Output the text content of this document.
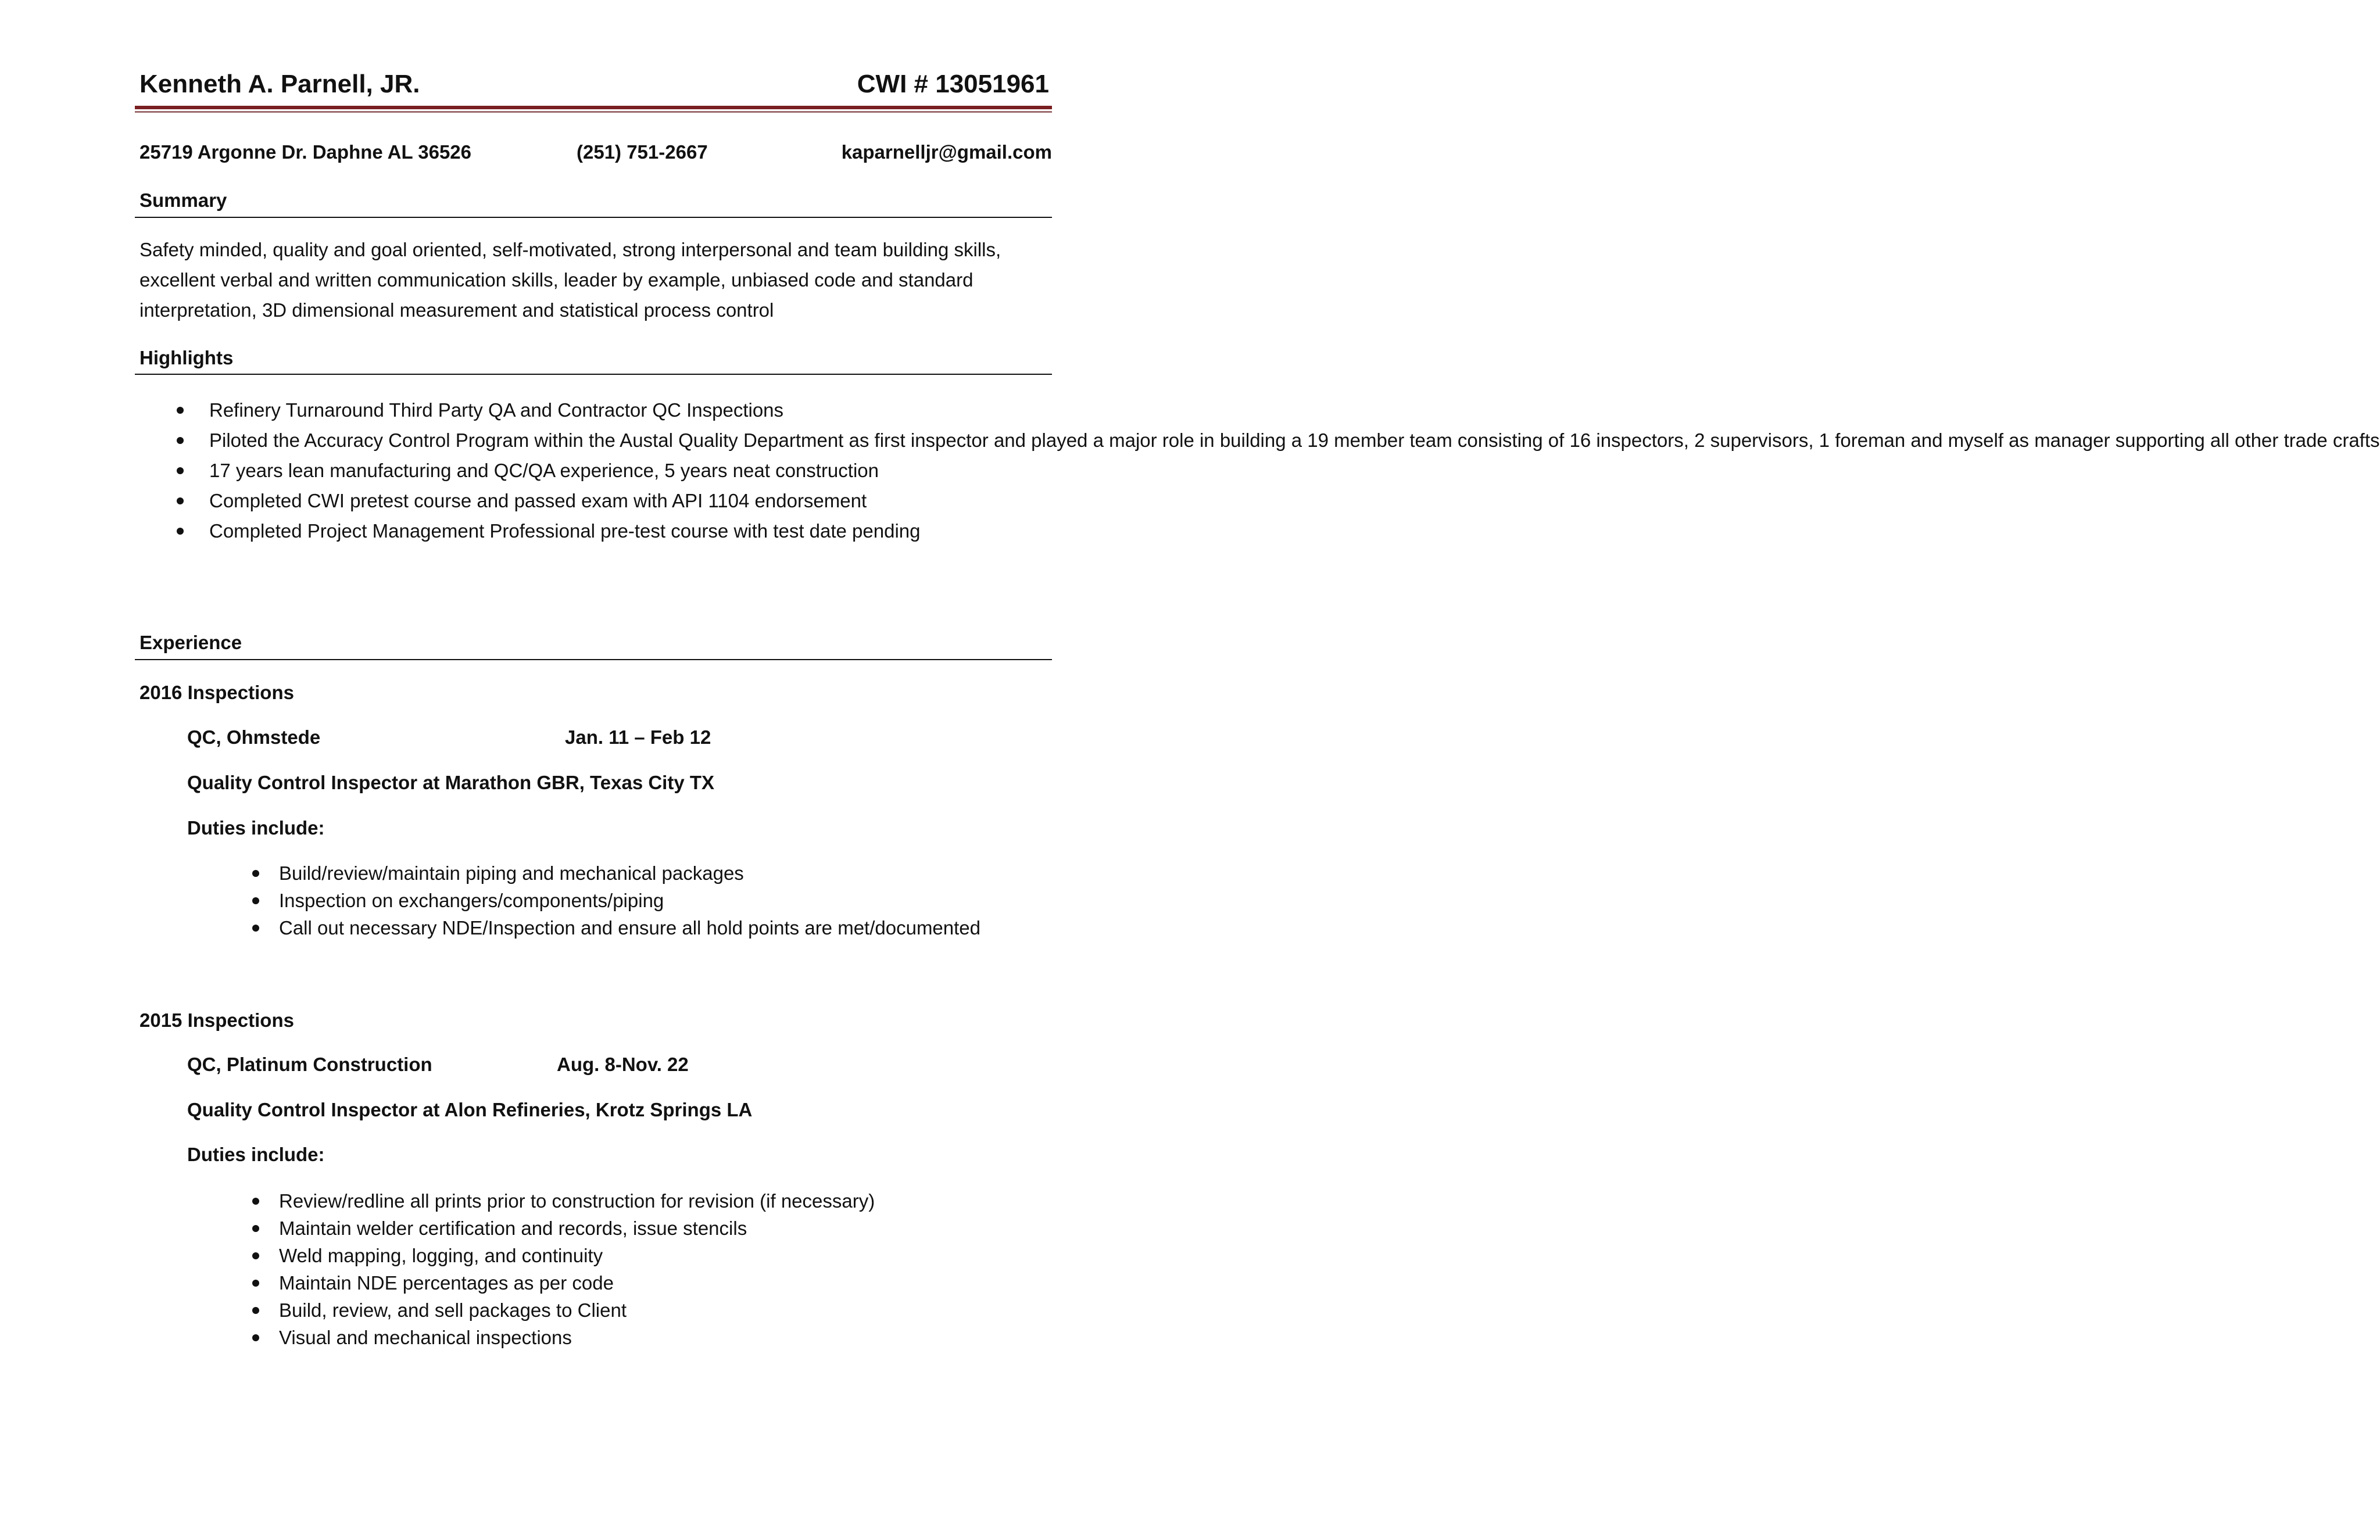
Kenneth A. Parnell, JR.	CWI # 13051961
25719 Argonne Dr. Daphne AL 36526	(251) 751-2667	kaparnelljr@gmail.com
Summary
Safety minded, quality and goal oriented, self-motivated, strong interpersonal and team building skills, excellent verbal and written communication skills, leader by example, unbiased code and standard interpretation, 3D dimensional measurement and statistical process control
Highlights
Refinery Turnaround Third Party QA and Contractor QC Inspections
Piloted the Accuracy Control Program within the Austal Quality Department as first inspector and played a major role in building a 19 member team consisting of 16 inspectors, 2 supervisors, 1 foreman and myself as manager supporting all other trade crafts
17 years lean manufacturing and QC/QA experience, 5 years neat construction
Completed CWI pretest course and passed exam with API 1104 endorsement
Completed Project Management Professional pre-test course with test date pending
Experience
2016 Inspections
QC, Ohmstede	Jan. 11 – Feb 12
Quality Control Inspector at Marathon GBR, Texas City TX
Duties include:
Build/review/maintain piping and mechanical packages
Inspection on exchangers/components/piping
Call out necessary NDE/Inspection and ensure all hold points are met/documented
2015 Inspections
QC, Platinum Construction	Aug. 8-Nov. 22
Quality Control Inspector at Alon Refineries, Krotz Springs LA
Duties include:
Review/redline all prints prior to construction for revision (if necessary)
Maintain welder certification and records, issue stencils
Weld mapping, logging, and continuity
Maintain NDE percentages as per code
Build, review, and sell packages to Client
Visual and mechanical inspections
